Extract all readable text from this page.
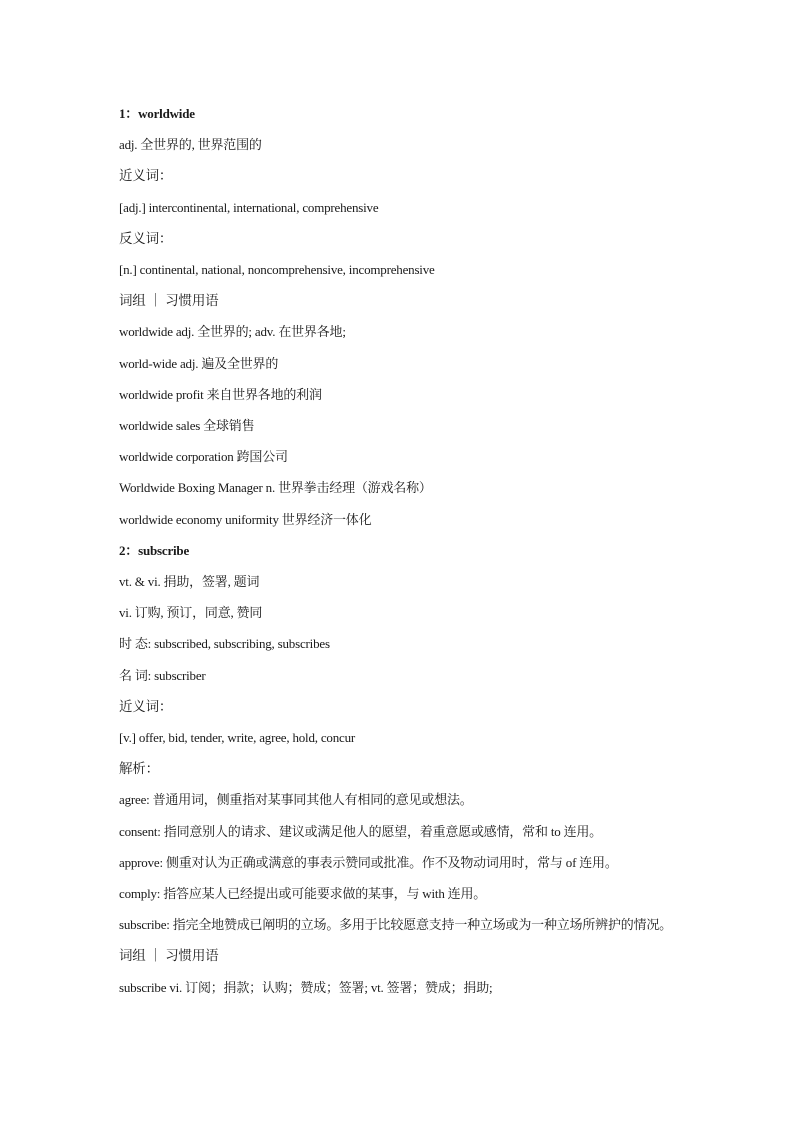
1：worldwide
adj. 全世界的, 世界范围的
近义词：
[adj.] intercontinental, international, comprehensive
反义词：
[n.] continental, national, noncomprehensive, incomprehensive
词组 ｜ 习惯用语
worldwide adj. 全世界的; adv. 在世界各地;
world-wide adj. 遍及全世界的
worldwide profit 来自世界各地的利润
worldwide sales 全球销售
worldwide corporation 跨国公司
Worldwide Boxing Manager n. 世界拳击经理（游戏名称）
worldwide economy uniformity 世界经济一体化
2：subscribe
vt. & vi. 捐助，签署, 题词
vi. 订购, 预订，同意, 赞同
时 态: subscribed, subscribing, subscribes
名 词: subscriber
近义词：
[v.] offer, bid, tender, write, agree, hold, concur
解析：
agree: 普通用词，侧重指对某事同其他人有相同的意见或想法。
consent: 指同意别人的请求、建议或满足他人的愿望，着重意愿或感情，常和 to 连用。
approve: 侧重对认为正确或满意的事表示赞同或批准。作不及物动词用时，常与 of 连用。
comply: 指答应某人已经提出或可能要求做的某事，与 with 连用。
subscribe: 指完全地赞成已阐明的立场。多用于比较愿意支持一种立场或为一种立场所辨护的情况。
词组 ｜ 习惯用语
subscribe vi. 订阅；捐款；认购；赞成；签署; vt. 签署；赞成；捐助;
